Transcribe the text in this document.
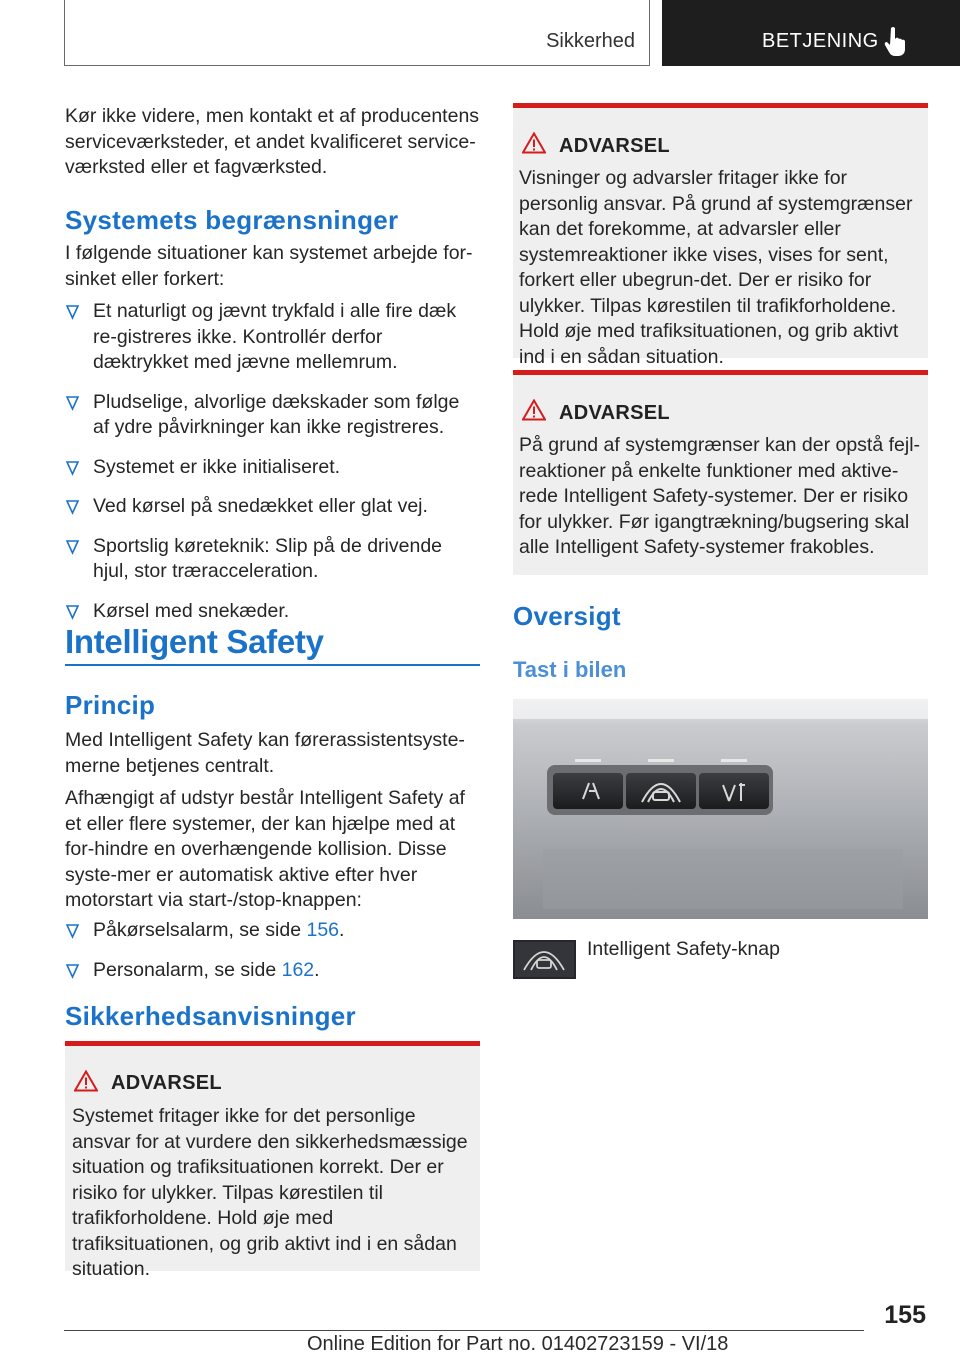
Sikkerhed	BETJENING

Kør ikke videre, men kontakt et af producentens serviceværksteder, et andet kvalificeret service-værksted eller et fagværksted.

Systemets begrænsninger

I følgende situationer kan systemet arbejde for-sinket eller forkert:

Et naturligt og jævnt trykfald i alle fire dæk re-gistreres ikke. Kontrollér derfor dæktrykket med jævne mellemrum.
Pludselige, alvorlige dækskader som følge af ydre påvirkninger kan ikke registreres.
Systemet er ikke initialiseret.
Ved kørsel på snedækket eller glat vej.
Sportslig køreteknik: Slip på de drivende hjul, stor træracceleration.
Kørsel med snekæder.
Intelligent Safety
Princip

Med Intelligent Safety kan førerassistentsyste-merne betjenes centralt.

Afhængigt af udstyr består Intelligent Safety af et eller flere systemer, der kan hjælpe med at for-hindre en overhængende kollision. Disse syste-mer er automatisk aktive efter hver motorstart via start-/stop-knappen:

Påkørselsalarm, se side 156.
Personalarm, se side 162.
Sikkerhedsanvisninger
ADVARSEL

Systemet fritager ikke for det personlige ansvar for at vurdere den sikkerhedsmæssige situation og trafiksituationen korrekt. Der er risiko for ulykker. Tilpas kørestilen til trafikforholdene. Hold øje med trafiksituationen, og grib aktivt ind i en sådan situation.

ADVARSEL

Visninger og advarsler fritager ikke for personlig ansvar. På grund af systemgrænser kan det forekomme, at advarsler eller systemreaktioner ikke vises, vises for sent, forkert eller ubegrun-det. Der er risiko for ulykker. Tilpas kørestilen til trafikforholdene. Hold øje med trafiksituationen, og grib aktivt ind i en sådan situation.

ADVARSEL

På grund af systemgrænser kan der opstå fejl-reaktioner på enkelte funktioner med aktive-rede Intelligent Safety-systemer. Der er risiko for ulykker. Før igangtrækning/bugsering skal alle Intelligent Safety-systemer frakobles.

Oversigt
Tast i bilen
Intelligent Safety-knap
155
Online Edition for Part no. 01402723159 - VI/18
